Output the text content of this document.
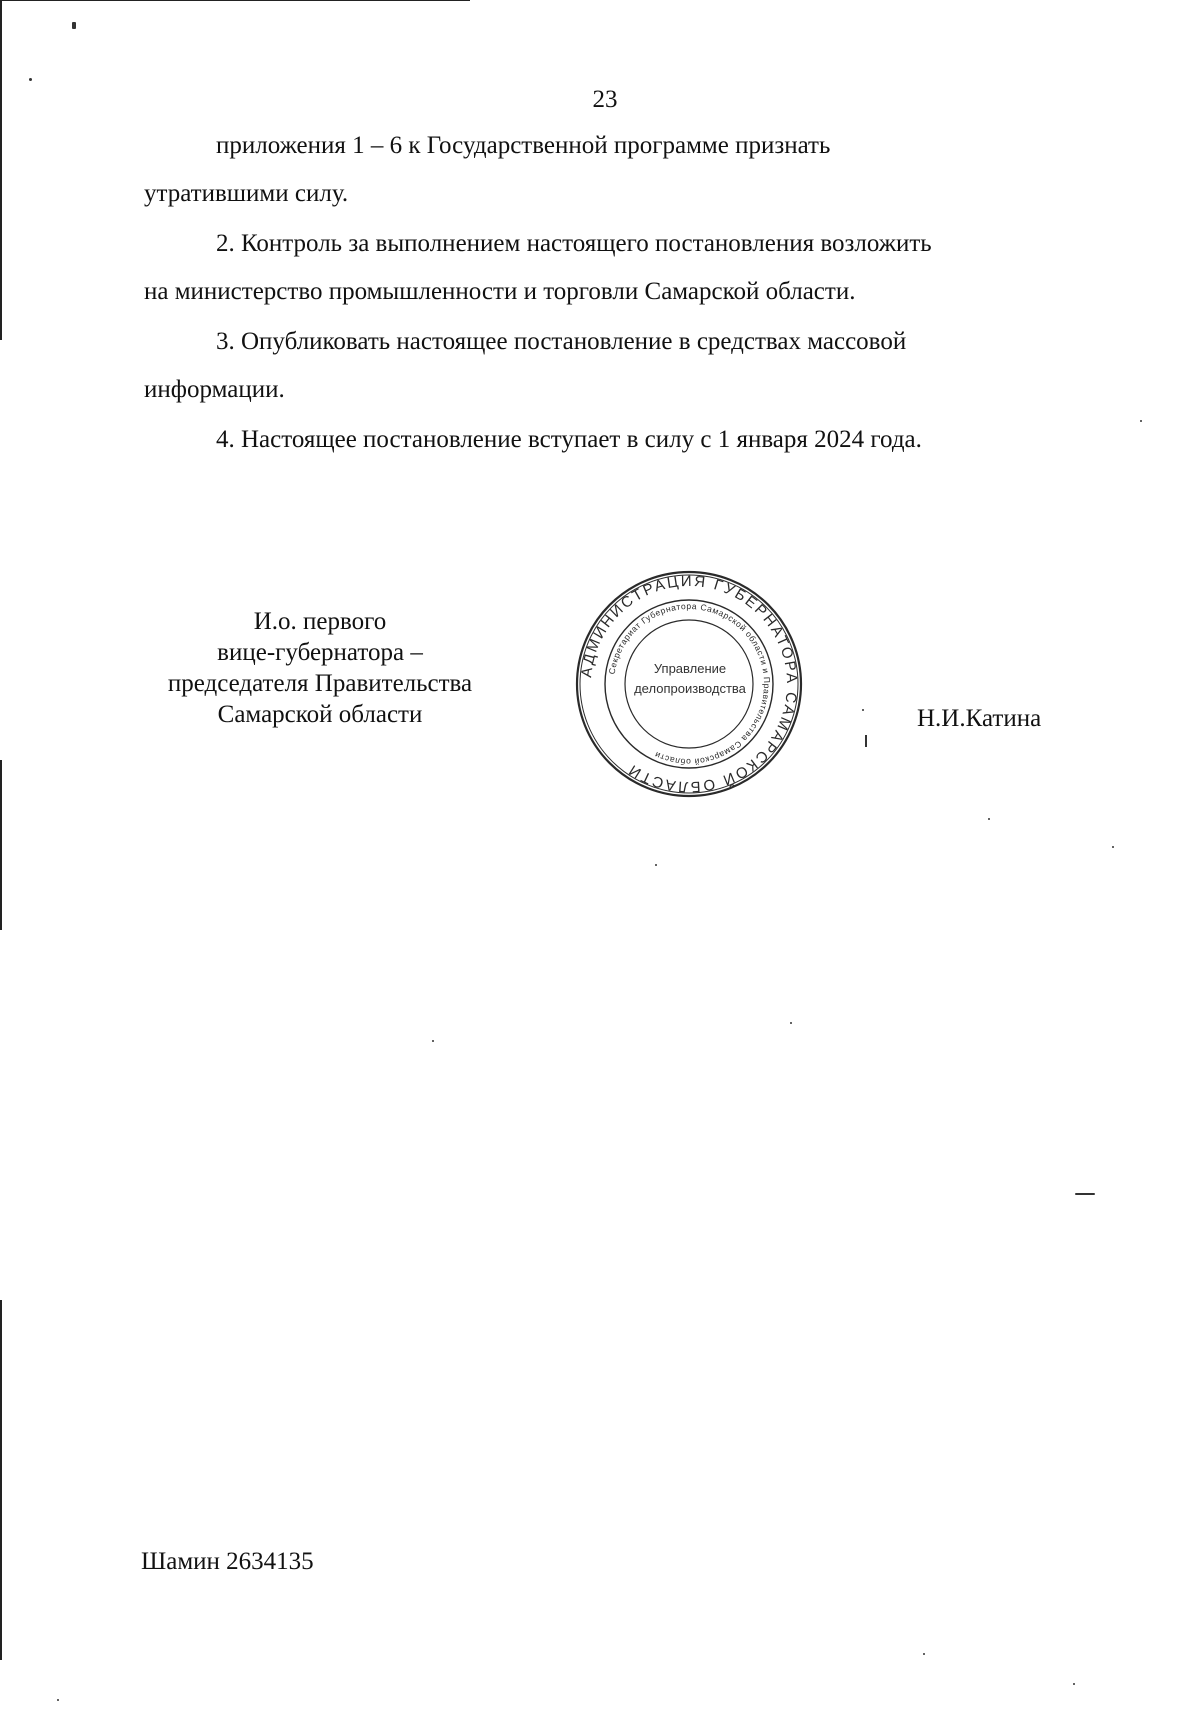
23

приложения 1 – 6 к Государственной программе признать

утратившими силу.

2. Контроль за выполнением настоящего постановления возложить

на министерство промышленности и торговли Самарской области.

3. Опубликовать настоящее постановление в средствах массовой

информации.

4. Настоящее постановление вступает в силу с 1 января 2024 года.

И.о. первого
вице-губернатора –
председателя Правительства
Самарской области
АДМИНИСТРАЦИЯ ГУБЕРНАТОРА САМАРСКОЙ ОБЛАСТИ
Секретариат Губернатора Самарской области и Правительства Самарской области
Управление
делопроизводства
Н.И.Катина
Шамин 2634135
